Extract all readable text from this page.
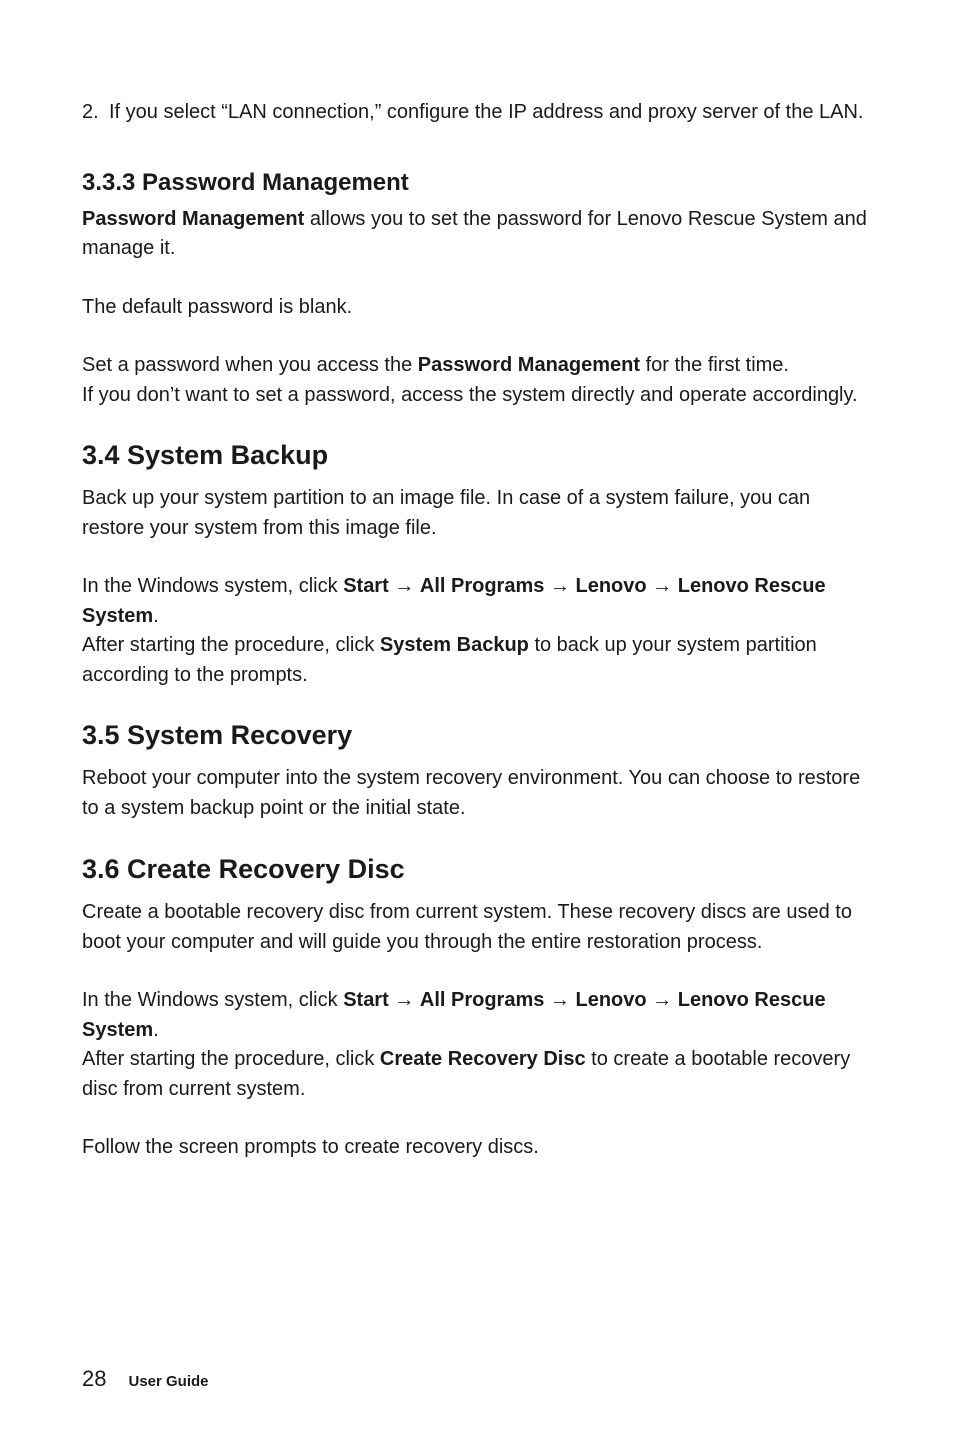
2. If you select “LAN connection,” configure the IP address and proxy server of the LAN.

3.3.3 Password Management

Password Management allows you to set the password for Lenovo Rescue System and manage it.

The default password is blank.

Set a password when you access the Password Management for the first time.

If you don’t want to set a password, access the system directly and operate accordingly.

3.4 System Backup

Back up your system partition to an image file. In case of a system failure, you can restore your system from this image file.

In the Windows system, click Start → All Programs → Lenovo → Lenovo Rescue System.

After starting the procedure, click System Backup to back up your system partition according to the prompts.

3.5 System Recovery

Reboot your computer into the system recovery environment. You can choose to restore to a system backup point or the initial state.

3.6 Create Recovery Disc

Create a bootable recovery disc from current system. These recovery discs are used to boot your computer and will guide you through the entire restoration process.

In the Windows system, click Start → All Programs → Lenovo → Lenovo Rescue System.

After starting the procedure, click Create Recovery Disc to create a bootable recovery disc from current system.

Follow the screen prompts to create recovery discs.

28 User Guide
